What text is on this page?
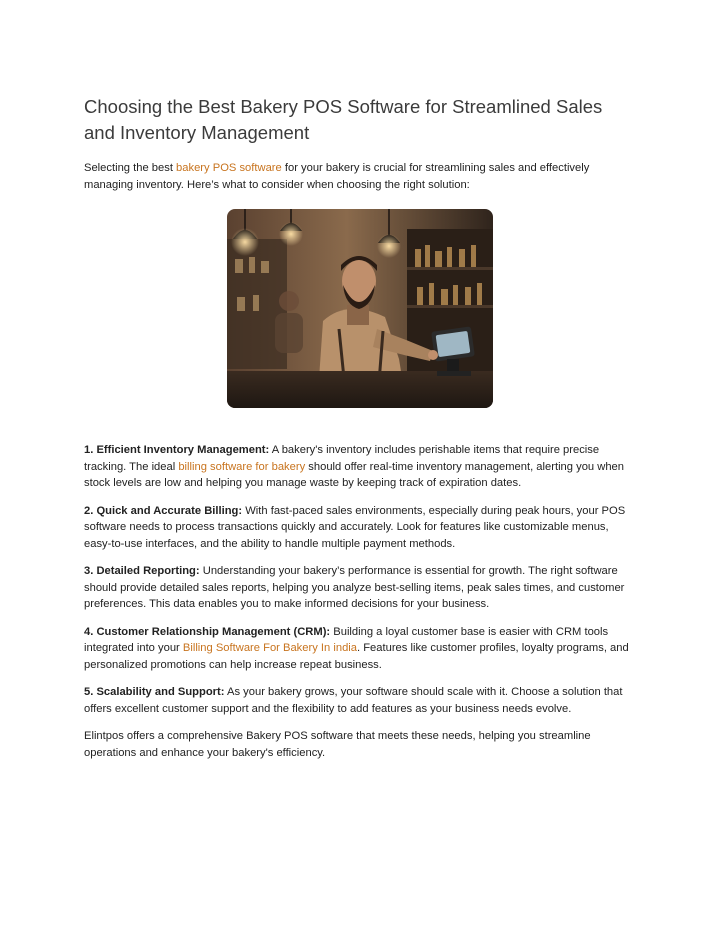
Choosing the Best Bakery POS Software for Streamlined Sales and Inventory Management

Selecting the best bakery POS software for your bakery is crucial for streamlining sales and effectively managing inventory. Here’s what to consider when choosing the right solution:

1. Efficient Inventory Management: A bakery's inventory includes perishable items that require precise tracking. The ideal billing software for bakery should offer real-time inventory management, alerting you when stock levels are low and helping you manage waste by keeping track of expiration dates.

2. Quick and Accurate Billing: With fast-paced sales environments, especially during peak hours, your POS software needs to process transactions quickly and accurately. Look for features like customizable menus, easy-to-use interfaces, and the ability to handle multiple payment methods.

3. Detailed Reporting: Understanding your bakery’s performance is essential for growth. The right software should provide detailed sales reports, helping you analyze best-selling items, peak sales times, and customer preferences. This data enables you to make informed decisions for your business.

4. Customer Relationship Management (CRM): Building a loyal customer base is easier with CRM tools integrated into your Billing Software For Bakery In india. Features like customer profiles, loyalty programs, and personalized promotions can help increase repeat business.

5. Scalability and Support: As your bakery grows, your software should scale with it. Choose a solution that offers excellent customer support and the flexibility to add features as your business needs evolve.

Elintpos offers a comprehensive Bakery POS software that meets these needs, helping you streamline operations and enhance your bakery's efficiency.
